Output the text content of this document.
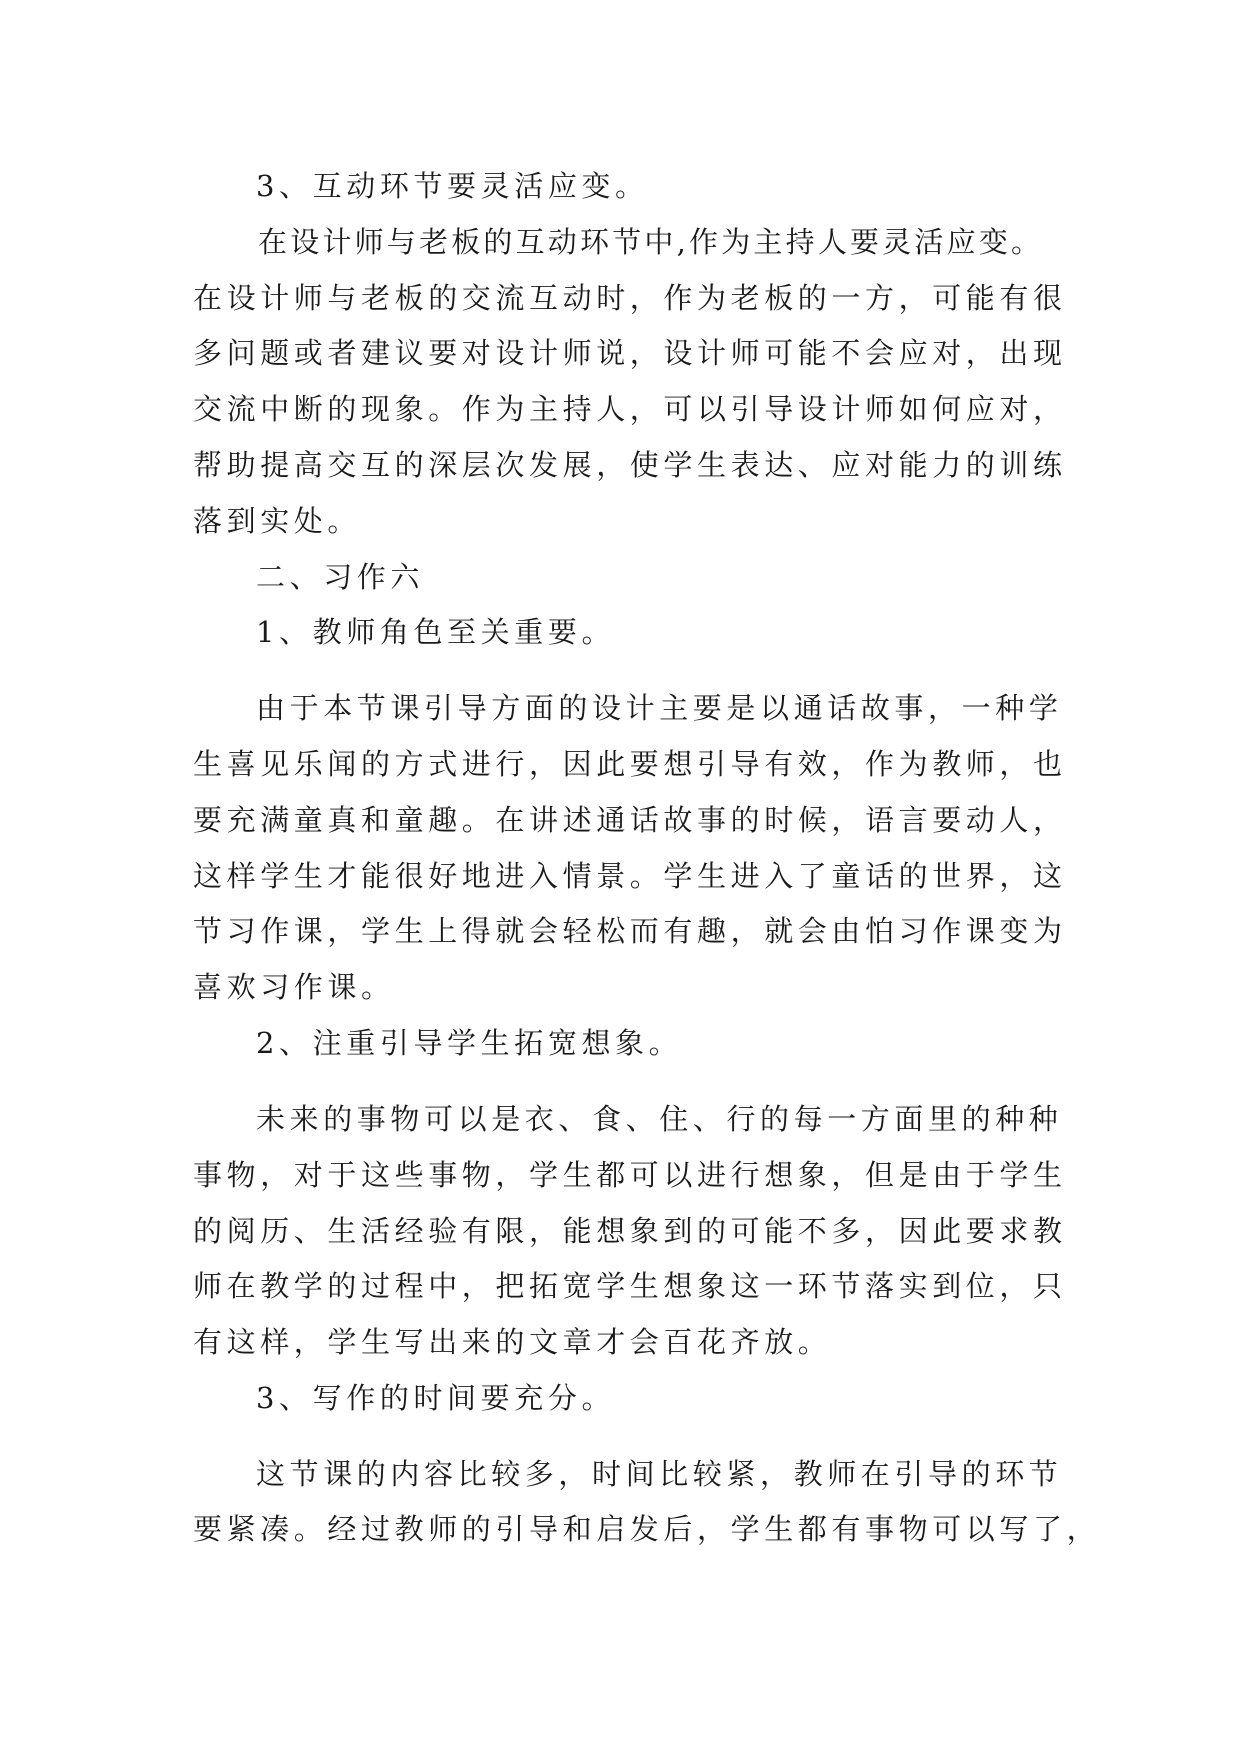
3、互动环节要灵活应变。
在设计师与老板的互动环节中,作为主持人要灵活应变。
在设计师与老板的交流互动时，作为老板的一方，可能有很
多问题或者建议要对设计师说，设计师可能不会应对，出现
交流中断的现象。作为主持人，可以引导设计师如何应对，
帮助提高交互的深层次发展，使学生表达、应对能力的训练
落到实处。
二、习作六
1、教师角色至关重要。
由于本节课引导方面的设计主要是以通话故事，一种学
生喜见乐闻的方式进行，因此要想引导有效，作为教师，也
要充满童真和童趣。在讲述通话故事的时候，语言要动人，
这样学生才能很好地进入情景。学生进入了童话的世界，这
节习作课，学生上得就会轻松而有趣，就会由怕习作课变为
喜欢习作课。
2、注重引导学生拓宽想象。
未来的事物可以是衣、食、住、行的每一方面里的种种
事物，对于这些事物，学生都可以进行想象，但是由于学生
的阅历、生活经验有限，能想象到的可能不多，因此要求教
师在教学的过程中，把拓宽学生想象这一环节落实到位，只
有这样，学生写出来的文章才会百花齐放。
3、写作的时间要充分。
这节课的内容比较多，时间比较紧，教师在引导的环节
要紧凑。经过教师的引导和启发后，学生都有事物可以写了，
